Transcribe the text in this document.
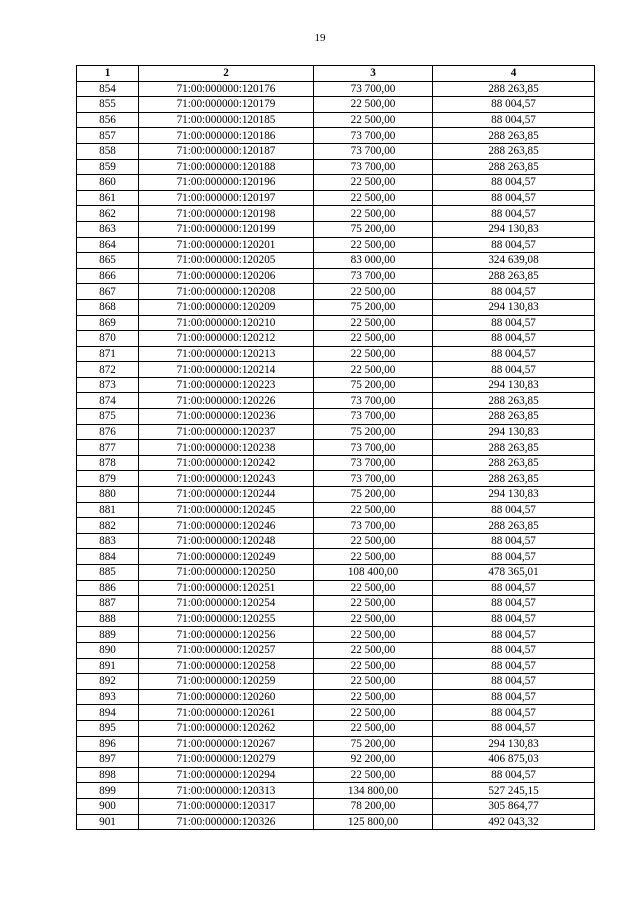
19
1	2	3	4
854	71:00:000000:120176	73 700,00	288 263,85
855	71:00:000000:120179	22 500,00	88 004,57
856	71:00:000000:120185	22 500,00	88 004,57
857	71:00:000000:120186	73 700,00	288 263,85
858	71:00:000000:120187	73 700,00	288 263,85
859	71:00:000000:120188	73 700,00	288 263,85
860	71:00:000000:120196	22 500,00	88 004,57
861	71:00:000000:120197	22 500,00	88 004,57
862	71:00:000000:120198	22 500,00	88 004,57
863	71:00:000000:120199	75 200,00	294 130,83
864	71:00:000000:120201	22 500,00	88 004,57
865	71:00:000000:120205	83 000,00	324 639,08
866	71:00:000000:120206	73 700,00	288 263,85
867	71:00:000000:120208	22 500,00	88 004,57
868	71:00:000000:120209	75 200,00	294 130,83
869	71:00:000000:120210	22 500,00	88 004,57
870	71:00:000000:120212	22 500,00	88 004,57
871	71:00:000000:120213	22 500,00	88 004,57
872	71:00:000000:120214	22 500,00	88 004,57
873	71:00:000000:120223	75 200,00	294 130,83
874	71:00:000000:120226	73 700,00	288 263,85
875	71:00:000000:120236	73 700,00	288 263,85
876	71:00:000000:120237	75 200,00	294 130,83
877	71:00:000000:120238	73 700,00	288 263,85
878	71:00:000000:120242	73 700,00	288 263,85
879	71:00:000000:120243	73 700,00	288 263,85
880	71:00:000000:120244	75 200,00	294 130,83
881	71:00:000000:120245	22 500,00	88 004,57
882	71:00:000000:120246	73 700,00	288 263,85
883	71:00:000000:120248	22 500,00	88 004,57
884	71:00:000000:120249	22 500,00	88 004,57
885	71:00:000000:120250	108 400,00	478 365,01
886	71:00:000000:120251	22 500,00	88 004,57
887	71:00:000000:120254	22 500,00	88 004,57
888	71:00:000000:120255	22 500,00	88 004,57
889	71:00:000000:120256	22 500,00	88 004,57
890	71:00:000000:120257	22 500,00	88 004,57
891	71:00:000000:120258	22 500,00	88 004,57
892	71:00:000000:120259	22 500,00	88 004,57
893	71:00:000000:120260	22 500,00	88 004,57
894	71:00:000000:120261	22 500,00	88 004,57
895	71:00:000000:120262	22 500,00	88 004,57
896	71:00:000000:120267	75 200,00	294 130,83
897	71:00:000000:120279	92 200,00	406 875,03
898	71:00:000000:120294	22 500,00	88 004,57
899	71:00:000000:120313	134 800,00	527 245,15
900	71:00:000000:120317	78 200,00	305 864,77
901	71:00:000000:120326	125 800,00	492 043,32
